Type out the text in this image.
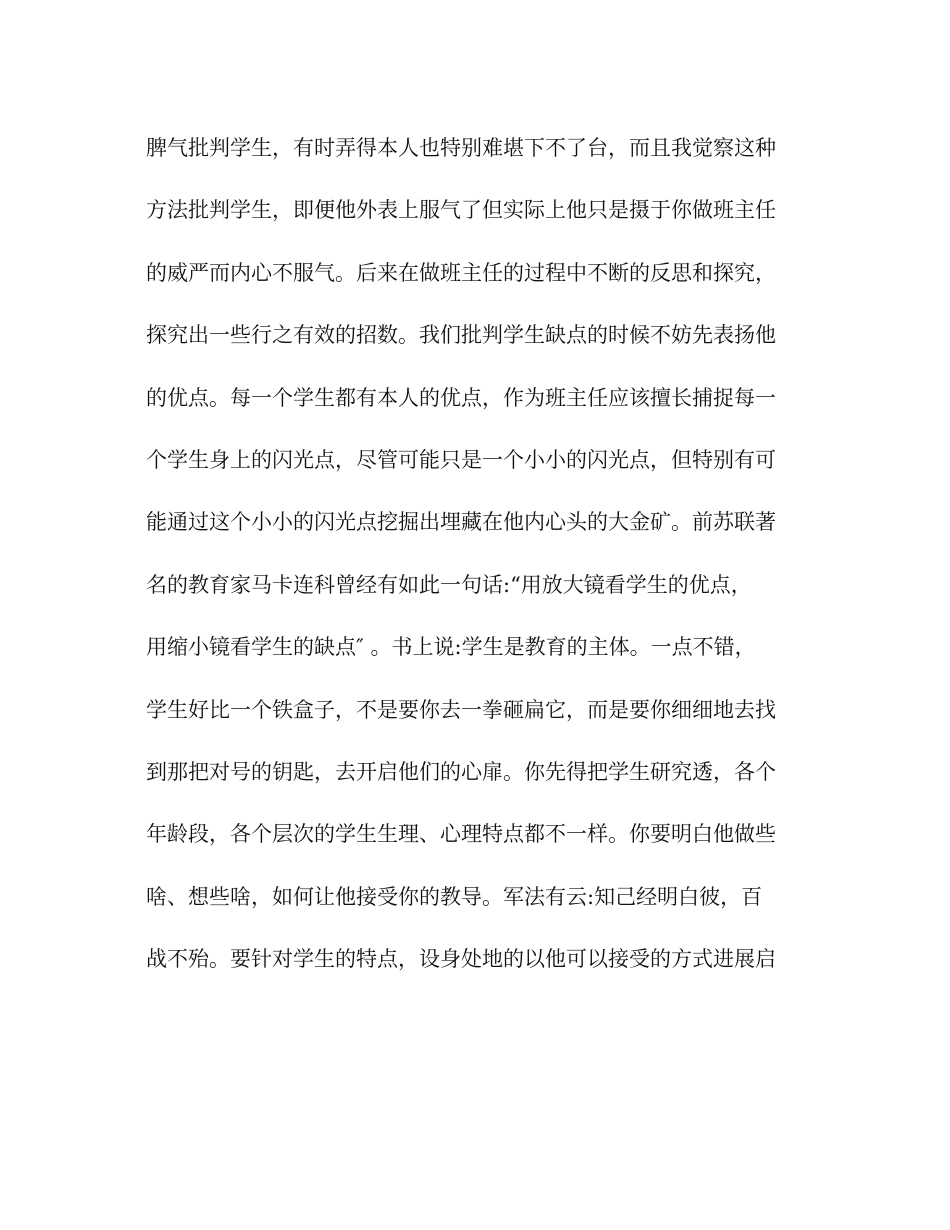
脾气批判学生，有时弄得本人也特别难堪下不了台，而且我觉察这种
方法批判学生，即便他外表上服气了但实际上他只是摄于你做班主任
的威严而内心不服气。后来在做班主任的过程中不断的反思和探究，
探究出一些行之有效的招数。我们批判学生缺点的时候不妨先表扬他
的优点。每一个学生都有本人的优点，作为班主任应该擅长捕捉每一
个学生身上的闪光点，尽管可能只是一个小小的闪光点，但特别有可
能通过这个小小的闪光点挖掘出埋藏在他内心头的大金矿。前苏联著
名的教育家马卡连科曾经有如此一句话:“用放大镜看学生的优点，
用缩小镜看学生的缺点″ 。书上说:学生是教育的主体。一点不错，
学生好比一个铁盒子，不是要你去一拳砸扁它，而是要你细细地去找
到那把对号的钥匙，去开启他们的心扉。你先得把学生研究透，各个
年龄段，各个层次的学生生理、心理特点都不一样。你要明白他做些
啥、想些啥，如何让他接受你的教导。军法有云:知己经明白彼，百
战不殆。要针对学生的特点，设身处地的以他可以接受的方式进展启
